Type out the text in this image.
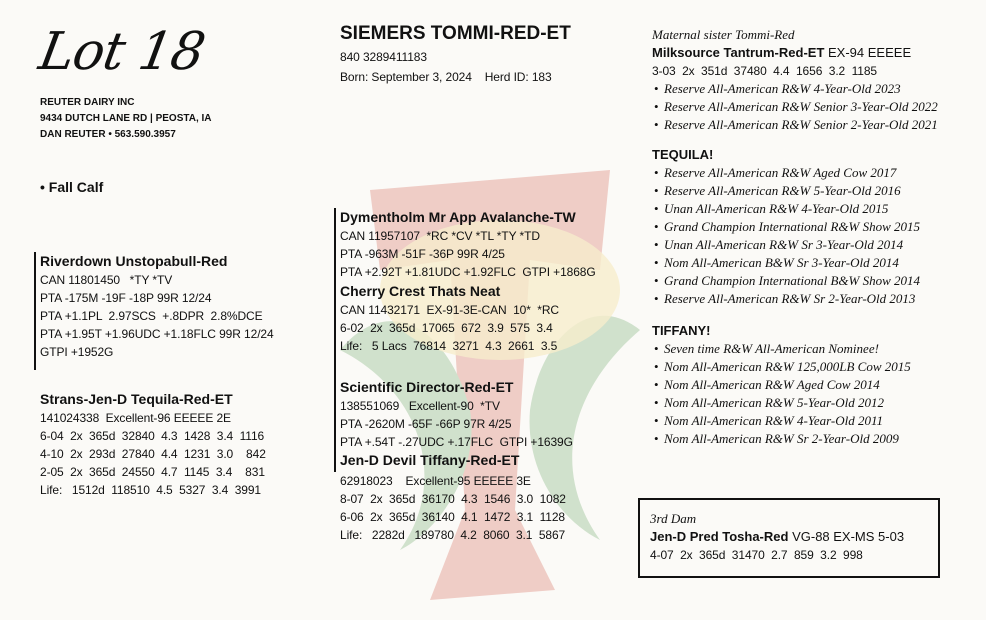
Lot 18
REUTER DAIRY INC
9434 DUTCH LANE RD | PEOSTA, IA
DAN REUTER • 563.590.3957
• Fall Calf
Riverdown Unstopabull-Red
CAN 11801450   *TY *TV
PTA -175M -19F -18P 99R 12/24
PTA +1.1PL  2.97SCS  +.8DPR  2.8%DCE
PTA +1.95T +1.96UDC +1.18FLC 99R 12/24
GTPI +1952G
Strans-Jen-D Tequila-Red-ET
141024338  Excellent-96 EEEEE 2E
6-04  2x  365d  32840  4.3  1428  3.4  1116
4-10  2x  293d  27840  4.4  1231  3.0    842
2-05  2x  365d  24550  4.7  1145  3.4    831
Life:   1512d  118510  4.5  5327  3.4  3991
SIEMERS TOMMI-RED-ET
840 3289411183
Born: September 3, 2024    Herd ID: 183
Dymentholm Mr App Avalanche-TW
CAN 11957107  *RC *CV *TL *TY *TD
PTA -963M -51F -36P 99R 4/25
PTA +2.92T +1.81UDC +1.92FLC  GTPI +1868G
Cherry Crest Thats Neat
CAN 11432171  EX-91-3E-CAN  10*  *RC
6-02  2x  365d  17065  672  3.9  575  3.4
Life:   5 Lacs  76814  3271  4.3  2661  3.5
Scientific Director-Red-ET
138551069   Excellent-90  *TV
PTA -2620M -65F -66P 97R 4/25
PTA +.54T -.27UDC +.17FLC  GTPI +1639G
Jen-D Devil Tiffany-Red-ET
62918023    Excellent-95 EEEEE 3E
8-07  2x  365d  36170  4.3  1546  3.0  1082
6-06  2x  365d  36140  4.1  1472  3.1  1128
Life:   2282d   189780  4.2  8060  3.1  5867
Maternal sister Tommi-Red
Milksource Tantrum-Red-ET EX-94 EEEEE
3-03  2x  351d  37480  4.4  1656  3.2  1185
• Reserve All-American R&W 4-Year-Old 2023
• Reserve All-American R&W Senior 3-Year-Old 2022
• Reserve All-American R&W Senior 2-Year-Old 2021
TEQUILA!
• Reserve All-American R&W Aged Cow 2017
• Reserve All-American R&W 5-Year-Old 2016
• Unan All-American R&W 4-Year-Old 2015
• Grand Champion International R&W Show 2015
• Unan All-American R&W Sr 3-Year-Old 2014
• Nom All-American B&W Sr 3-Year-Old 2014
• Grand Champion International B&W Show 2014
• Reserve All-American R&W Sr 2-Year-Old 2013
TIFFANY!
• Seven time R&W All-American Nominee!
• Nom All-American R&W 125,000LB Cow 2015
• Nom All-American R&W Aged Cow 2014
• Nom All-American R&W 5-Year-Old 2012
• Nom All-American R&W 4-Year-Old 2011
• Nom All-American R&W Sr 2-Year-Old 2009
3rd Dam
Jen-D Pred Tosha-Red VG-88 EX-MS 5-03
4-07  2x  365d  31470  2.7  859  3.2  998
